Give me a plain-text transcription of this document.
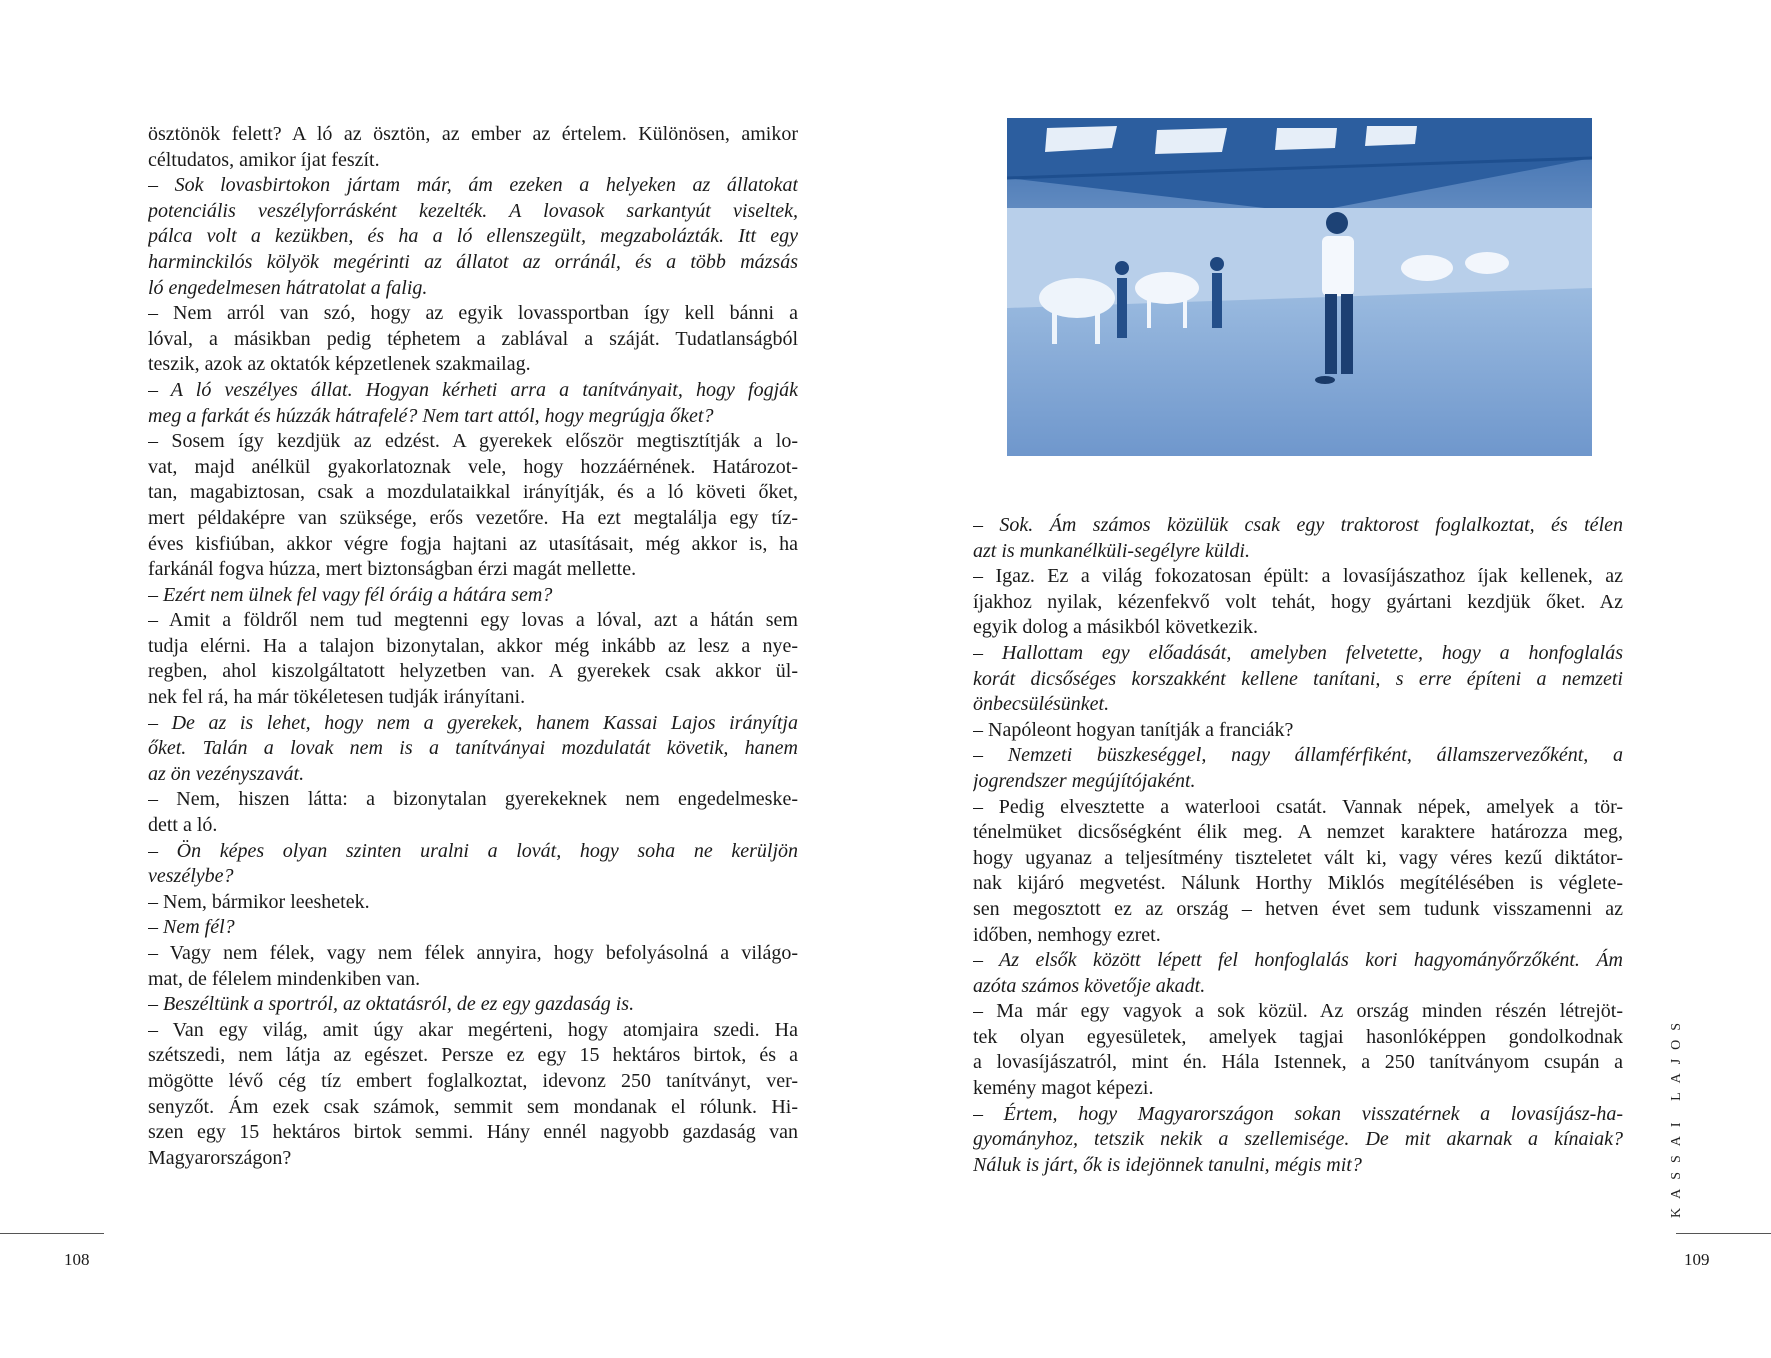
ösztönök felett? A ló az ösztön, az ember az értelem. Különösen, amikor
céltudatos, amikor íjat feszít.
– Sok lovasbirtokon jártam már, ám ezeken a helyeken az állatokat
potenciális veszélyforrásként kezelték. A lovasok sarkantyút viseltek,
pálca volt a kezükben, és ha a ló ellenszegült, megzabolázták. Itt egy
harminckilós kölyök megérinti az állatot az orránál, és a több mázsás
ló engedelmesen hátratolat a falig.
– Nem arról van szó, hogy az egyik lovassportban így kell bánni a
lóval, a másikban pedig téphetem a zablával a száját. Tudatlanságból
teszik, azok az oktatók képzetlenek szakmailag.
– A ló veszélyes állat. Hogyan kérheti arra a tanítványait, hogy fogják
meg a farkát és húzzák hátrafelé? Nem tart attól, hogy megrúgja őket?
– Sosem így kezdjük az edzést. A gyerekek először megtisztítják a lo-
vat, majd anélkül gyakorlatoznak vele, hogy hozzáérnének. Határozot-
tan, magabiztosan, csak a mozdulataikkal irányítják, és a ló követi őket,
mert példaképre van szüksége, erős vezetőre. Ha ezt megtalálja egy tíz-
éves kisfiúban, akkor végre fogja hajtani az utasításait, még akkor is, ha
farkánál fogva húzza, mert biztonságban érzi magát mellette.
– Ezért nem ülnek fel vagy fél óráig a hátára sem?
– Amit a földről nem tud megtenni egy lovas a lóval, azt a hátán sem
tudja elérni. Ha a talajon bizonytalan, akkor még inkább az lesz a nye-
regben, ahol kiszolgáltatott helyzetben van. A gyerekek csak akkor ül-
nek fel rá, ha már tökéletesen tudják irányítani.
– De az is lehet, hogy nem a gyerekek, hanem Kassai Lajos irányítja
őket. Talán a lovak nem is a tanítványai mozdulatát követik, hanem
az ön vezényszavát.
– Nem, hiszen látta: a bizonytalan gyerekeknek nem engedelmeske-
dett a ló.
– Ön képes olyan szinten uralni a lovát, hogy soha ne kerüljön
veszélybe?
– Nem, bármikor leeshetek.
– Nem fél?
– Vagy nem félek, vagy nem félek annyira, hogy befolyásolná a világo-
mat, de félelem mindenkiben van.
– Beszéltünk a sportról, az oktatásról, de ez egy gazdaság is.
– Van egy világ, amit úgy akar megérteni, hogy atomjaira szedi. Ha
szétszedi, nem látja az egészet. Persze ez egy 15 hektáros birtok, és a
mögötte lévő cég tíz embert foglalkoztat, idevonz 250 tanítványt, ver-
senyzőt. Ám ezek csak számok, semmit sem mondanak el rólunk. Hi-
szen egy 15 hektáros birtok semmi. Hány ennél nagyobb gazdaság van
Magyarországon?
108
– Sok. Ám számos közülük csak egy traktorost foglalkoztat, és télen
azt is munkanélküli-segélyre küldi.
– Igaz. Ez a világ fokozatosan épült: a lovasíjászathoz íjak kellenek, az
íjakhoz nyilak, kézenfekvő volt tehát, hogy gyártani kezdjük őket. Az
egyik dolog a másikból következik.
– Hallottam egy előadását, amelyben felvetette, hogy a honfoglalás
korát dicsőséges korszakként kellene tanítani, s erre építeni a nemzeti
önbecsülésünket.
– Napóleont hogyan tanítják a franciák?
– Nemzeti büszkeséggel, nagy államférfiként, államszervezőként, a
jogrendszer megújítójaként.
– Pedig elvesztette a waterlooi csatát. Vannak népek, amelyek a tör-
ténelmüket dicsőségként élik meg. A nemzet karaktere határozza meg,
hogy ugyanaz a teljesítmény tiszteletet vált ki, vagy véres kezű diktátor-
nak kijáró megvetést. Nálunk Horthy Miklós megítélésében is véglete-
sen megosztott ez az ország – hetven évet sem tudunk visszamenni az
időben, nemhogy ezret.
– Az elsők között lépett fel honfoglalás kori hagyományőrzőként. Ám
azóta számos követője akadt.
– Ma már egy vagyok a sok közül. Az ország minden részén létrejöt-
tek olyan egyesületek, amelyek tagjai hasonlóképpen gondolkodnak
a lovasíjászatról, mint én. Hála Istennek, a 250 tanítványom csupán a
kemény magot képezi.
– Értem, hogy Magyarországon sokan visszatérnek a lovasíjász-ha-
gyományhoz, tetszik nekik a szellemisége. De mit akarnak a kínaiak?
Náluk is járt, ők is idejönnek tanulni, mégis mit?	KASSAI LAJOS
109
